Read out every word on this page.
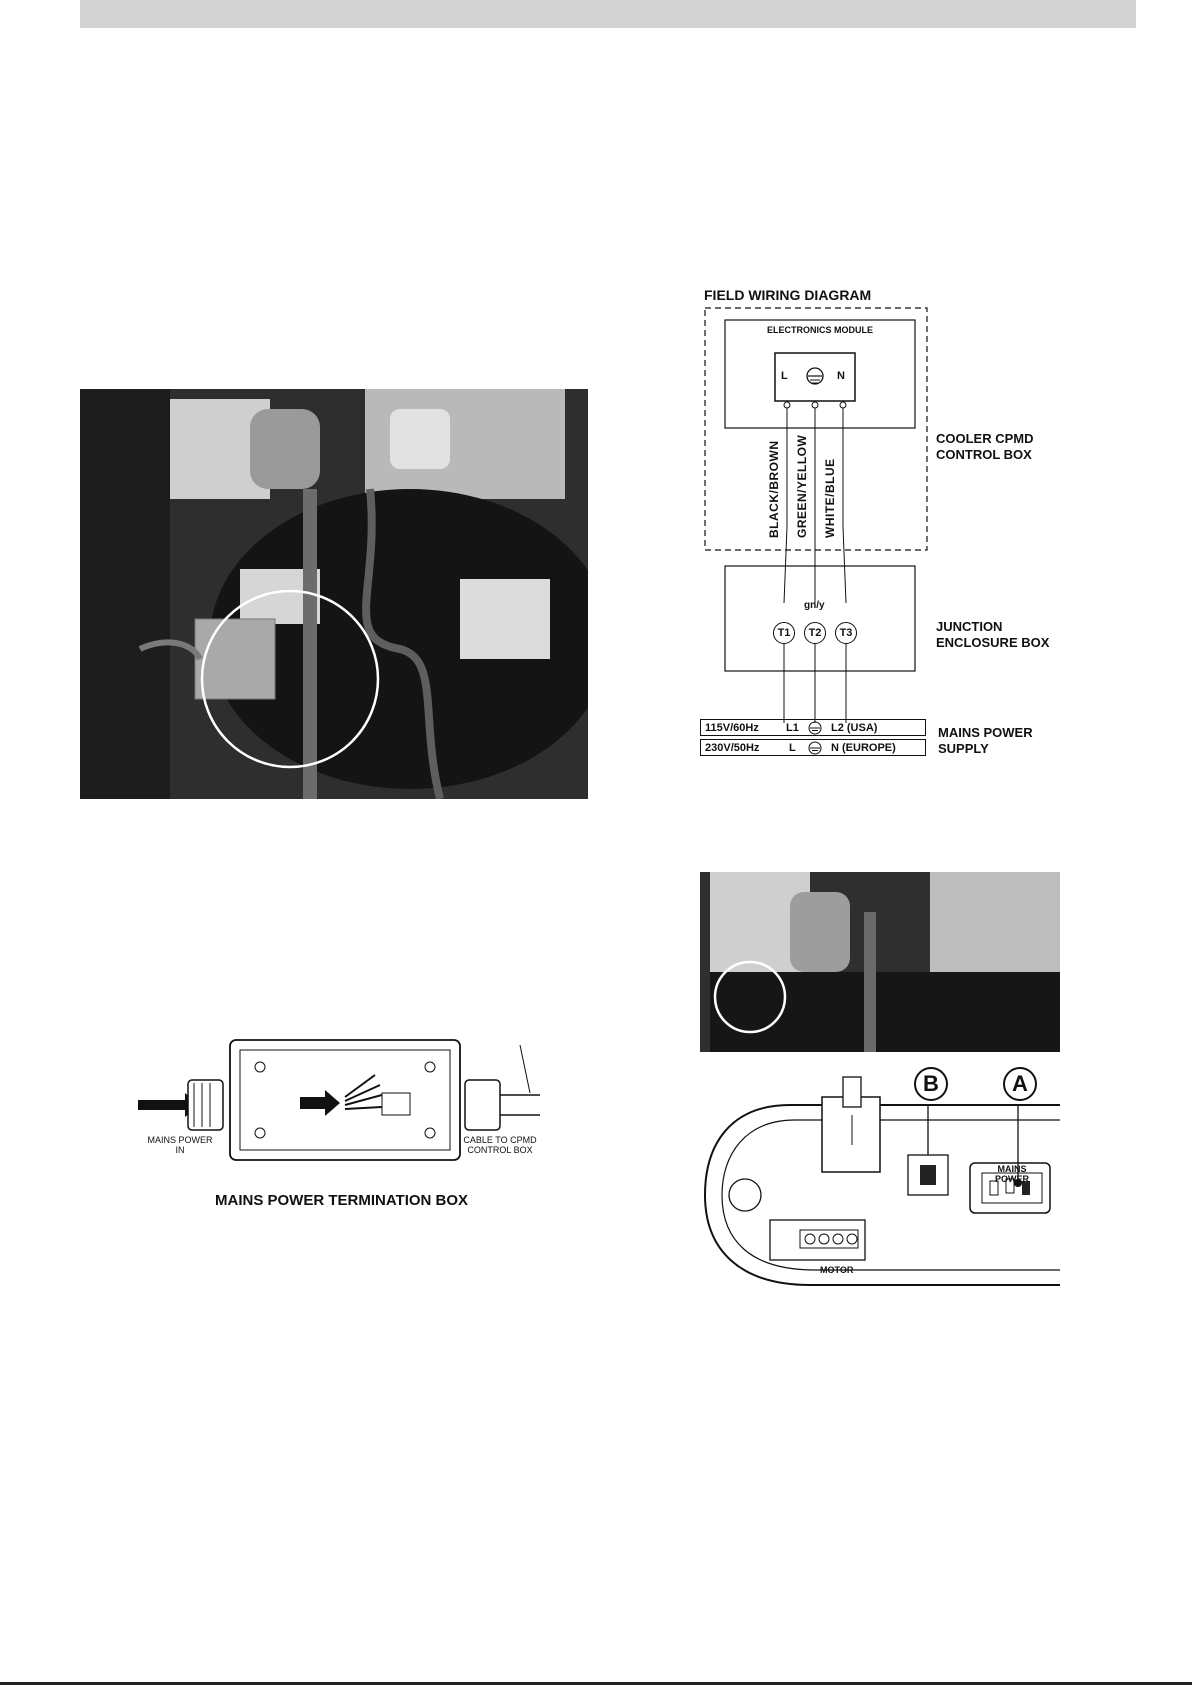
FIELD WIRING DIAGRAM
ELECTRONICS MODULE
L	N
COOLER CPMD
CONTROL BOX
BLACK/BROWN GREEN/YELLOW WHITE/BLUE
gn/y
T1	T2	T3	JUNCTION
ENCLOSURE BOX
115V/60Hz L1	L2 (USA)
230V/50Hz	L	N (EUROPE)
MAINS POWER
SUPPLY
B	A
MAINS
POWER
MOTOR
MAINS POWER
IN
CABLE TO CPMD
CONTROL BOX
MAINS POWER TERMINATION BOX
